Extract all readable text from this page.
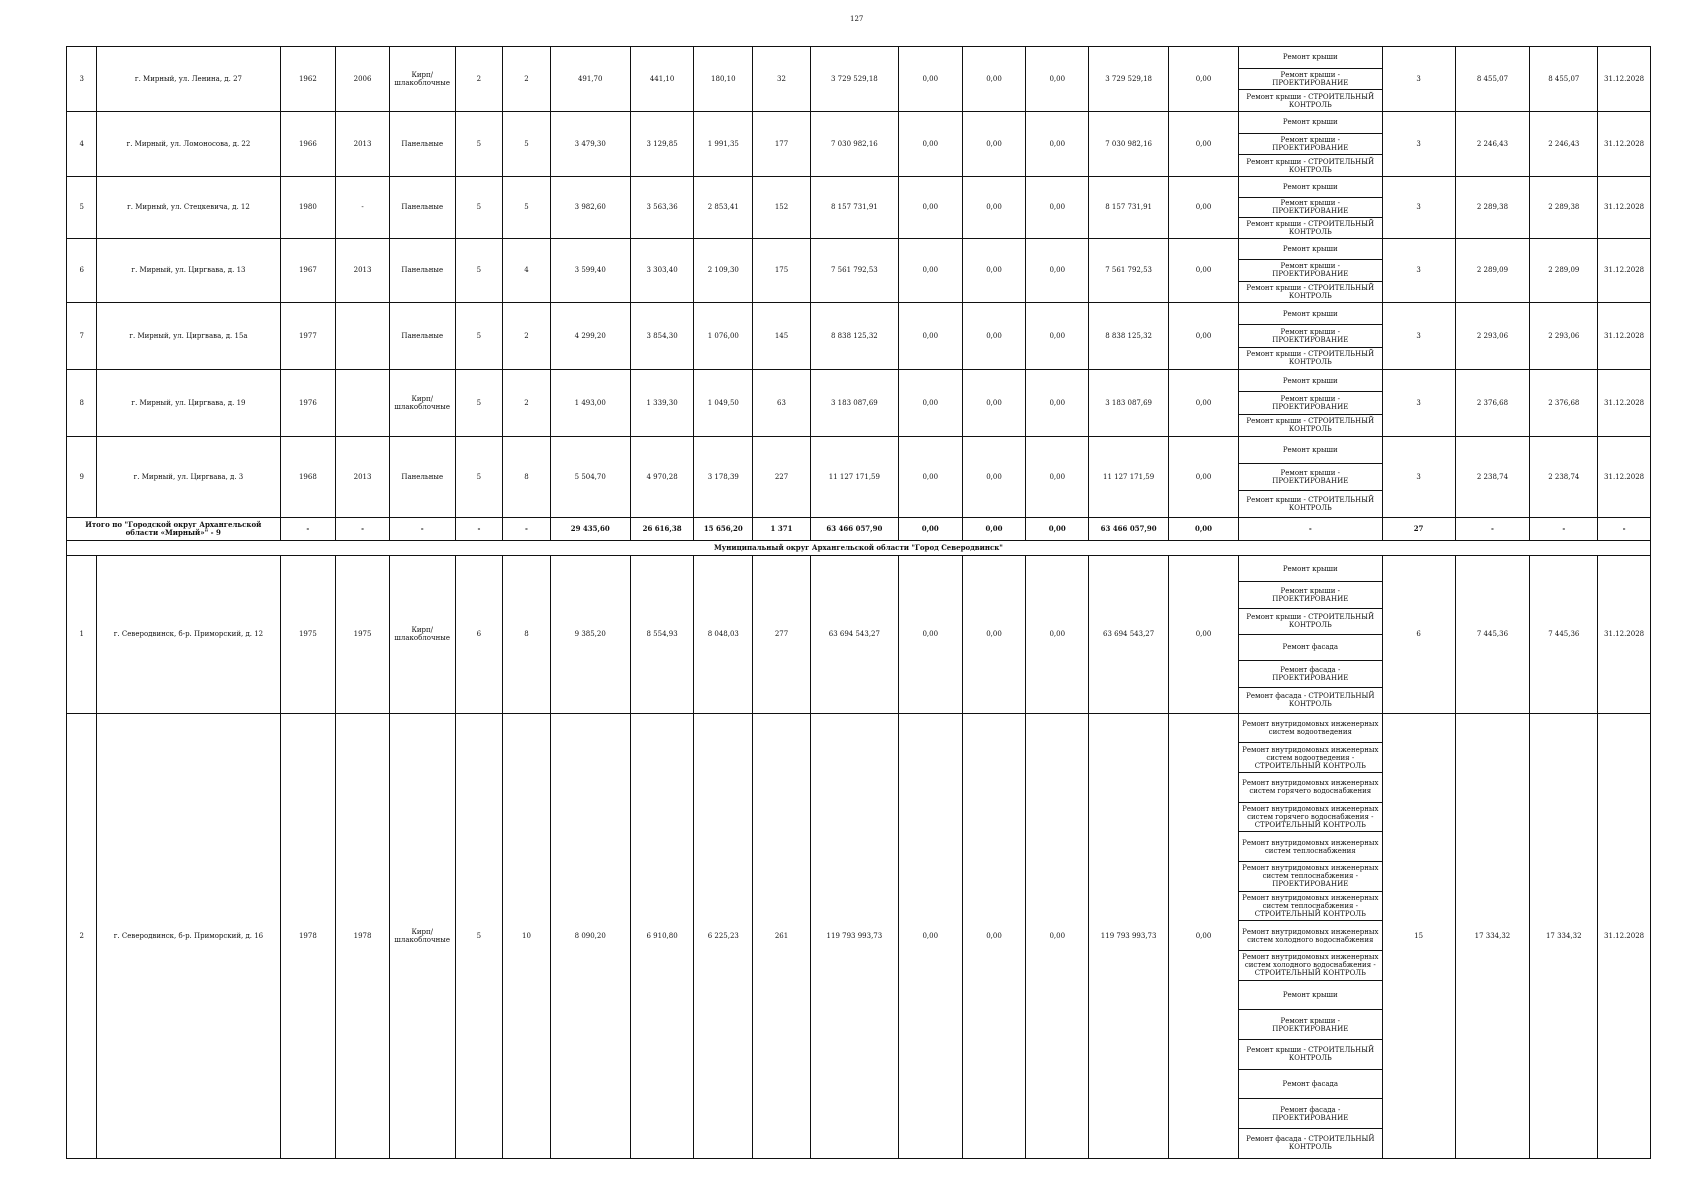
127
3	г. Мирный, ул. Ленина, д. 27	1962	2006	Кирп/ шлакоблочные	2	2	491,70	441,10	180,10	32	3 729 529,18	0,00	0,00	0,00	3 729 529,18	0,00	Ремонт крыши	3	8 455,07	8 455,07	31.12.2028
																	Ремонт крыши - ПРОЕКТИРОВАНИЕ				
																	Ремонт крыши - СТРОИТЕЛЬНЫЙ КОНТРОЛЬ				
4	г. Мирный, ул. Ломоносова, д. 22	1966	2013	Панельные	5	5	3 479,30	3 129,85	1 991,35	177	7 030 982,16	0,00	0,00	0,00	7 030 982,16	0,00	Ремонт крыши	3	2 246,43	2 246,43	31.12.2028
																	Ремонт крыши - ПРОЕКТИРОВАНИЕ				
																	Ремонт крыши - СТРОИТЕЛЬНЫЙ КОНТРОЛЬ				
5	г. Мирный, ул. Стецкевича, д. 12	1980	-	Панельные	5	5	3 982,60	3 563,36	2 853,41	152	8 157 731,91	0,00	0,00	0,00	8 157 731,91	0,00	Ремонт крыши	3	2 289,38	2 289,38	31.12.2028
																	Ремонт крыши - ПРОЕКТИРОВАНИЕ				
																	Ремонт крыши - СТРОИТЕЛЬНЫЙ КОНТРОЛЬ				
6	г. Мирный, ул. Циргвава, д. 13	1967	2013	Панельные	5	4	3 599,40	3 303,40	2 109,30	175	7 561 792,53	0,00	0,00	0,00	7 561 792,53	0,00	Ремонт крыши	3	2 289,09	2 289,09	31.12.2028
																	Ремонт крыши - ПРОЕКТИРОВАНИЕ				
																	Ремонт крыши - СТРОИТЕЛЬНЫЙ КОНТРОЛЬ				
7	г. Мирный, ул. Циргвава, д. 15а	1977		Панельные	5	2	4 299,20	3 854,30	1 076,00	145	8 838 125,32	0,00	0,00	0,00	8 838 125,32	0,00	Ремонт крыши	3	2 293,06	2 293,06	31.12.2028
																	Ремонт крыши - ПРОЕКТИРОВАНИЕ				
																	Ремонт крыши - СТРОИТЕЛЬНЫЙ КОНТРОЛЬ				
8	г. Мирный, ул. Циргвава, д. 19	1976		Кирп/ шлакоблочные	5	2	1 493,00	1 339,30	1 049,50	63	3 183 087,69	0,00	0,00	0,00	3 183 087,69	0,00	Ремонт крыши	3	2 376,68	2 376,68	31.12.2028
																	Ремонт крыши - ПРОЕКТИРОВАНИЕ				
																	Ремонт крыши - СТРОИТЕЛЬНЫЙ КОНТРОЛЬ				
9	г. Мирный, ул. Циргвава, д. 3	1968	2013	Панельные	5	8	5 504,70	4 970,28	3 178,39	227	11 127 171,59	0,00	0,00	0,00	11 127 171,59	0,00	Ремонт крыши	3	2 238,74	2 238,74	31.12.2028
																	Ремонт крыши - ПРОЕКТИРОВАНИЕ				
																	Ремонт крыши - СТРОИТЕЛЬНЫЙ КОНТРОЛЬ				
Итого по "Городской округ Архангельской области «Мирный»" - 9		-	-	-	-	-	29 435,60	26 616,38	15 656,20	1 371	63 466 057,90	0,00	0,00	0,00	63 466 057,90	0,00	-	27	-	-	-
Муниципальный округ Архангельской области "Город Северодвинск"																					
1	г. Северодвинск, б-р. Приморский, д. 12	1975	1975	Кирп/ шлакоблочные	6	8	9 385,20	8 554,93	8 048,03	277	63 694 543,27	0,00	0,00	0,00	63 694 543,27	0,00	Ремонт крыши	6	7 445,36	7 445,36	31.12.2028
																	Ремонт крыши - ПРОЕКТИРОВАНИЕ				
																	Ремонт крыши - СТРОИТЕЛЬНЫЙ КОНТРОЛЬ				
																	Ремонт фасада				
																	Ремонт фасада - ПРОЕКТИРОВАНИЕ				
																	Ремонт фасада - СТРОИТЕЛЬНЫЙ КОНТРОЛЬ				
2	г. Северодвинск, б-р. Приморский, д. 16	1978	1978	Кирп/ шлакоблочные	5	10	8 090,20	6 910,80	6 225,23	261	119 793 993,73	0,00	0,00	0,00	119 793 993,73	0,00	Ремонт внутридомовых инженерных систем водоотведения	15	17 334,32	17 334,32	31.12.2028
																	Ремонт внутридомовых инженерных систем водоотведения - СТРОИТЕЛЬНЫЙ КОНТРОЛЬ				
																	Ремонт внутридомовых инженерных систем горячего водоснабжения				
																	Ремонт внутридомовых инженерных систем горячего водоснабжения - СТРОИТЕЛЬНЫЙ КОНТРОЛЬ				
																	Ремонт внутридомовых инженерных систем теплоснабжения				
																	Ремонт внутридомовых инженерных систем теплоснабжения - ПРОЕКТИРОВАНИЕ				
																	Ремонт внутридомовых инженерных систем теплоснабжения - СТРОИТЕЛЬНЫЙ КОНТРОЛЬ				
																	Ремонт внутридомовых инженерных систем холодного водоснабжения				
																	Ремонт внутридомовых инженерных систем холодного водоснабжения - СТРОИТЕЛЬНЫЙ КОНТРОЛЬ				
																	Ремонт крыши				
																	Ремонт крыши - ПРОЕКТИРОВАНИЕ				
																	Ремонт крыши - СТРОИТЕЛЬНЫЙ КОНТРОЛЬ				
																	Ремонт фасада				
																	Ремонт фасада - ПРОЕКТИРОВАНИЕ				
																	Ремонт фасада - СТРОИТЕЛЬНЫЙ КОНТРОЛЬ				
